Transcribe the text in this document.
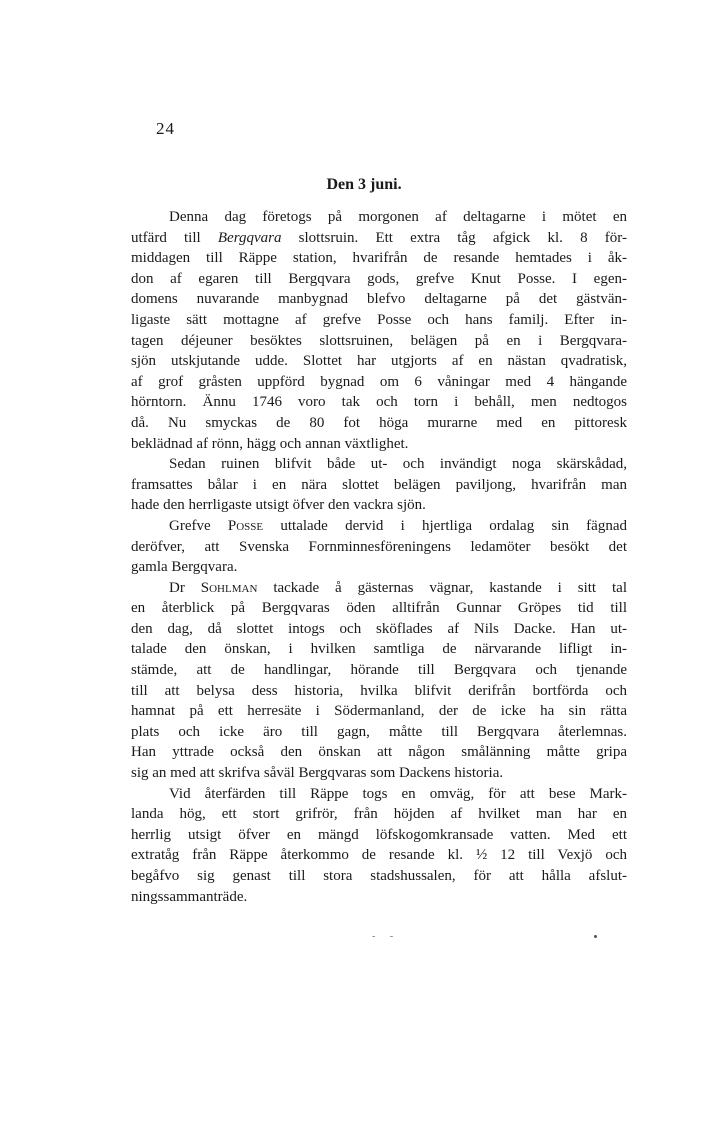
24
Den 3 juni.
Denna dag företogs på morgonen af deltagarne i mötet en
utfärd till Bergqvara slottsruin. Ett extra tåg afgick kl. 8 för-
middagen till Räppe station, hvarifrån de resande hemtades i åk-
don af egaren till Bergqvara gods, grefve Knut Posse. I egen-
domens nuvarande manbygnad blefvo deltagarne på det gästvän-
ligaste sätt mottagne af grefve Posse och hans familj. Efter in-
tagen déjeuner besöktes slottsruinen, belägen på en i Bergqvara-
sjön utskjutande udde. Slottet har utgjorts af en nästan qvadratisk,
af grof gråsten uppförd bygnad om 6 våningar med 4 hängande
hörntorn. Ännu 1746 voro tak och torn i behåll, men nedtogos
då. Nu smyckas de 80 fot höga murarne med en pittoresk
beklädnad af rönn, hägg och annan växtlighet.
Sedan ruinen blifvit både ut- och invändigt noga skärskådad,
framsattes bålar i en nära slottet belägen paviljong, hvarifrån man
hade den herrligaste utsigt öfver den vackra sjön.
Grefve Posse uttalade dervid i hjertliga ordalag sin fägnad
deröfver, att Svenska Fornminnesföreningens ledamöter besökt det
gamla Bergqvara.
Dr Sohlman tackade å gästernas vägnar, kastande i sitt tal
en återblick på Bergqvaras öden alltifrån Gunnar Gröpes tid till
den dag, då slottet intogs och sköflades af Nils Dacke. Han ut-
talade den önskan, i hvilken samtliga de närvarande lifligt in-
stämde, att de handlingar, hörande till Bergqvara och tjenande
till att belysa dess historia, hvilka blifvit derifrån bortförda och
hamnat på ett herresäte i Södermanland, der de icke ha sin rätta
plats och icke äro till gagn, måtte till Bergqvara återlemnas.
Han yttrade också den önskan att någon smålänning måtte gripa
sig an med att skrifva såväl Bergqvaras som Dackens historia.
Vid återfärden till Räppe togs en omväg, för att bese Mark-
landa hög, ett stort grifrör, från höjden af hvilket man har en
herrlig utsigt öfver en mängd löfskogomkransade vatten. Med ett
extratåg från Räppe återkommo de resande kl. ½ 12 till Vexjö och
begåfvo sig genast till stora stadshussalen, för att hålla afslut-
ningssammanträde.
- -
